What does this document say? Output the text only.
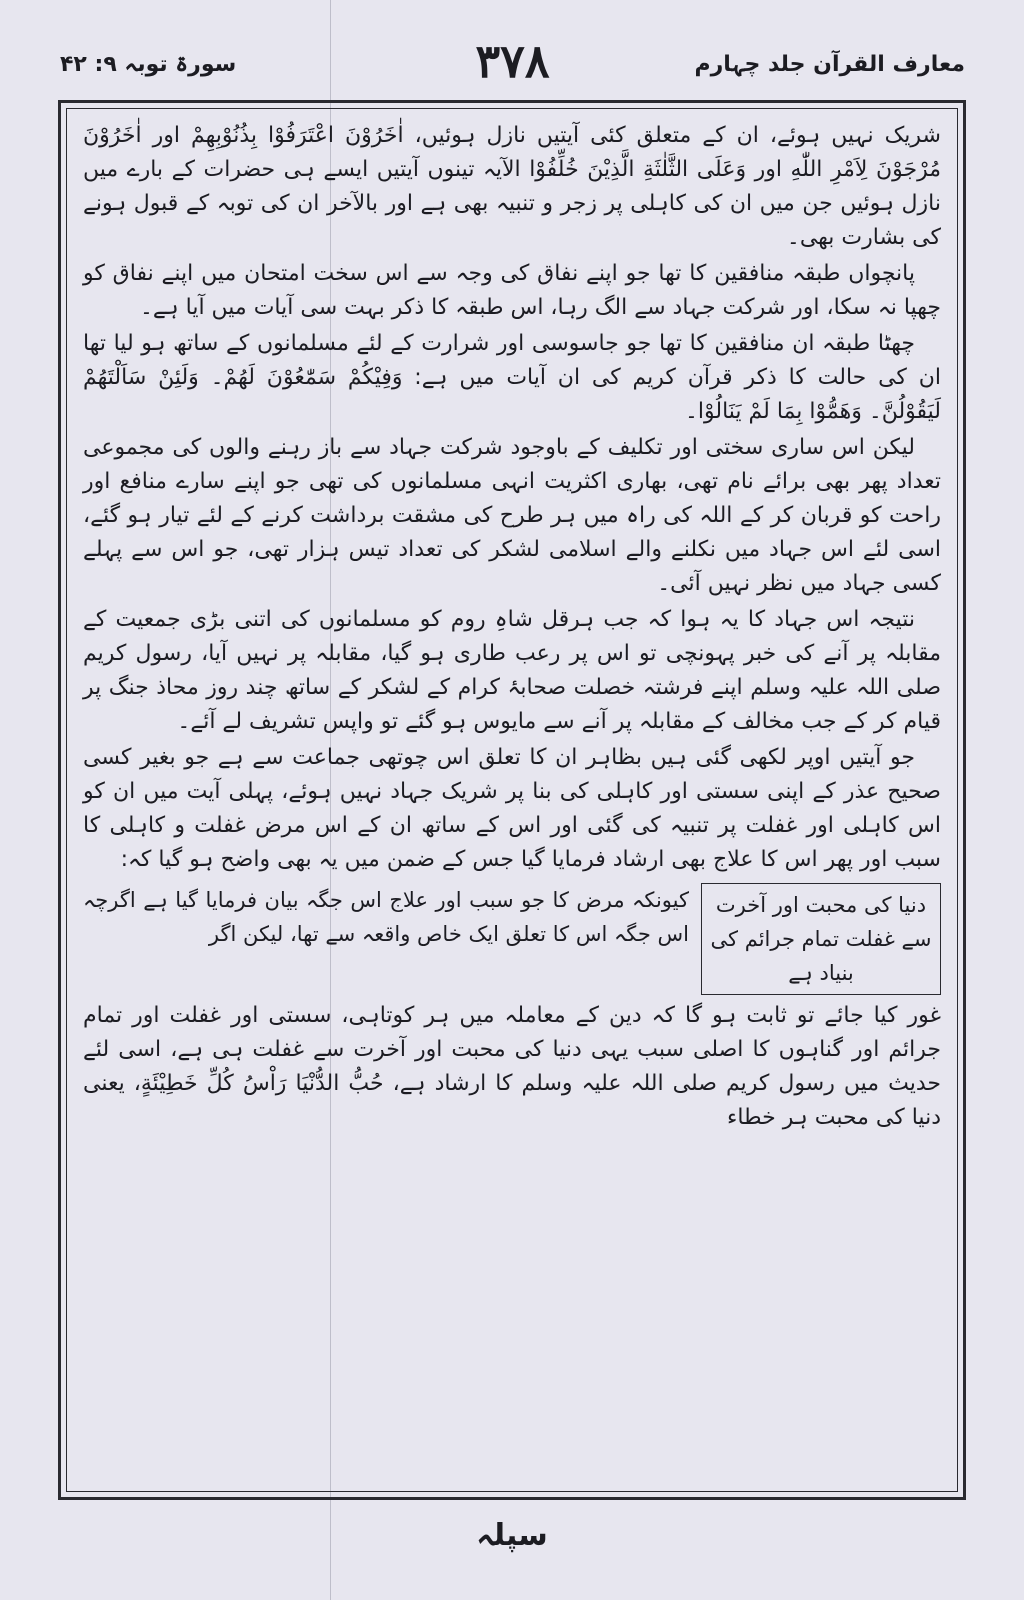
معارف القرآن جلد چہارم
۳۷۸
سورۃ توبہ ۹: ۴۲

شریک نہیں ہوئے، ان کے متعلق کئی آیتیں نازل ہوئیں، اٰخَرُوْنَ اعْتَرَفُوْا بِذُنُوْبِهِمْ اور اٰخَرُوْنَ مُرْجَوْنَ لِاَمْرِ اللّٰهِ اور وَعَلَى الثَّلٰثَةِ الَّذِيْنَ خُلِّفُوْا الآیہ تینوں آیتیں ایسے ہی حضرات کے بارے میں نازل ہوئیں جن میں ان کی کاہلی پر زجر و تنبیہ بھی ہے اور بالآخر ان کی توبہ کے قبول ہونے کی بشارت بھی۔

پانچواں طبقہ منافقین کا تھا جو اپنے نفاق کی وجہ سے اس سخت امتحان میں اپنے نفاق کو چھپا نہ سکا، اور شرکت جہاد سے الگ رہا، اس طبقہ کا ذکر بہت سی آیات میں آیا ہے۔

چھٹا طبقہ ان منافقین کا تھا جو جاسوسی اور شرارت کے لئے مسلمانوں کے ساتھ ہو لیا تھا ان کی حالت کا ذکر قرآن کریم کی ان آیات میں ہے: وَفِيْكُمْ سَمّٰعُوْنَ لَهُمْ۔ وَلَئِنْ سَاَلْتَهُمْ لَيَقُوْلُنَّ۔ وَهَمُّوْا بِمَا لَمْ يَنَالُوْا۔

لیکن اس ساری سختی اور تکلیف کے باوجود شرکت جہاد سے باز رہنے والوں کی مجموعی تعداد پھر بھی برائے نام تھی، بھاری اکثریت انہی مسلمانوں کی تھی جو اپنے سارے منافع اور راحت کو قربان کر کے اللہ کی راہ میں ہر طرح کی مشقت برداشت کرنے کے لئے تیار ہو گئے، اسی لئے اس جہاد میں نکلنے والے اسلامی لشکر کی تعداد تیس ہزار تھی، جو اس سے پہلے کسی جہاد میں نظر نہیں آئی۔

نتیجہ اس جہاد کا یہ ہوا کہ جب ہرقل شاہِ روم کو مسلمانوں کی اتنی بڑی جمعیت کے مقابلہ پر آنے کی خبر پہونچی تو اس پر رعب طاری ہو گیا، مقابلہ پر نہیں آیا، رسول کریم صلی اللہ علیہ وسلم اپنے فرشتہ خصلت صحابۂ کرام کے لشکر کے ساتھ چند روز محاذ جنگ پر قیام کر کے جب مخالف کے مقابلہ پر آنے سے مایوس ہو گئے تو واپس تشریف لے آئے۔

جو آیتیں اوپر لکھی گئی ہیں بظاہر ان کا تعلق اس چوتھی جماعت سے ہے جو بغیر کسی صحیح عذر کے اپنی سستی اور کاہلی کی بنا پر شریک جہاد نہیں ہوئے، پہلی آیت میں ان کو اس کاہلی اور غفلت پر تنبیہ کی گئی اور اس کے ساتھ ان کے اس مرض غفلت و کاہلی کا سبب اور پھر اس کا علاج بھی ارشاد فرمایا گیا جس کے ضمن میں یہ بھی واضح ہو گیا کہ:

دنیا کی محبت اور آخرت سے غفلت تمام جرائم کی بنیاد ہے
کیونکہ مرض کا جو سبب اور علاج اس جگہ بیان فرمایا گیا ہے اگرچہ اس جگہ اس کا تعلق ایک خاص واقعہ سے تھا، لیکن اگر

غور کیا جائے تو ثابت ہو گا کہ دین کے معاملہ میں ہر کوتاہی، سستی اور غفلت اور تمام جرائم اور گناہوں کا اصلی سبب یہی دنیا کی محبت اور آخرت سے غفلت ہی ہے، اسی لئے حدیث میں رسول کریم صلی اللہ علیہ وسلم کا ارشاد ہے، حُبُّ الدُّنْيَا رَاْسُ كُلِّ خَطِيْئَةٍ، یعنی دنیا کی محبت ہر خطاء

سپلہ
